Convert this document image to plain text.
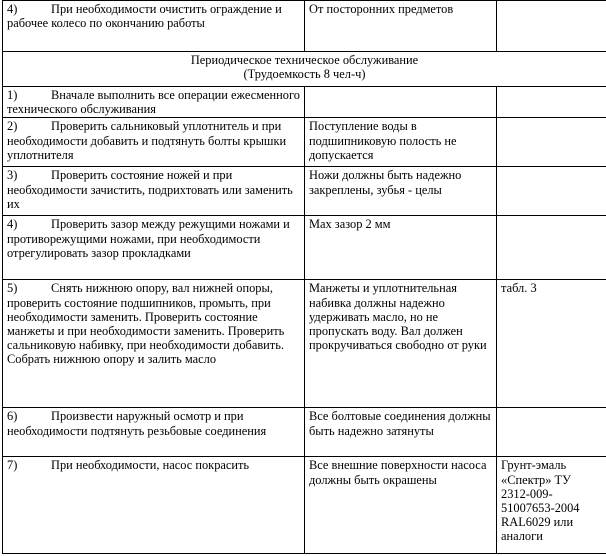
4) При необходимости очистить ограждение и рабочее колесо по окончанию работы	От посторонних предметов	

Периодическое техническое обслуживание
(Трудоемкость 8 чел-ч)		

1) Вначале выполнить все операции ежесменного технического обслуживания		
2) Проверить сальниковый уплотнитель и при необходимости добавить и подтянуть болты крышки уплотнителя	Поступление воды в подшипниковую полость не допускается	
3) Проверить состояние ножей и при необходимости зачистить, подрихтовать или заменить их	Ножи должны быть надежно закреплены, зубья - целы	
4) Проверить зазор между режущими ножами и противорежущими ножами, при необходимости отрегулировать зазор прокладками	Max зазор 2 мм	
5) Снять нижнюю опору, вал нижней опоры, проверить состояние подшипников, промыть, при необходимости заменить. Проверить состояние манжеты и при необходимости заменить. Проверить сальниковую набивку, при необходимости добавить. Собрать нижнюю опору и залить масло	Манжеты и уплотнительная набивка должны надежно удерживать масло, но не пропускать воду. Вал должен прокручиваться свободно от руки	табл. 3
6) Произвести наружный осмотр и при необходимости подтянуть резьбовые соединения	Все болтовые соединения должны быть надежно затянуты	
7) При необходимости, насос покрасить	Все внешние поверхности насоса должны быть окрашены	Грунт-эмаль «Спектр» ТУ 2312-009-51007653-2004 RAL6029 или аналоги
